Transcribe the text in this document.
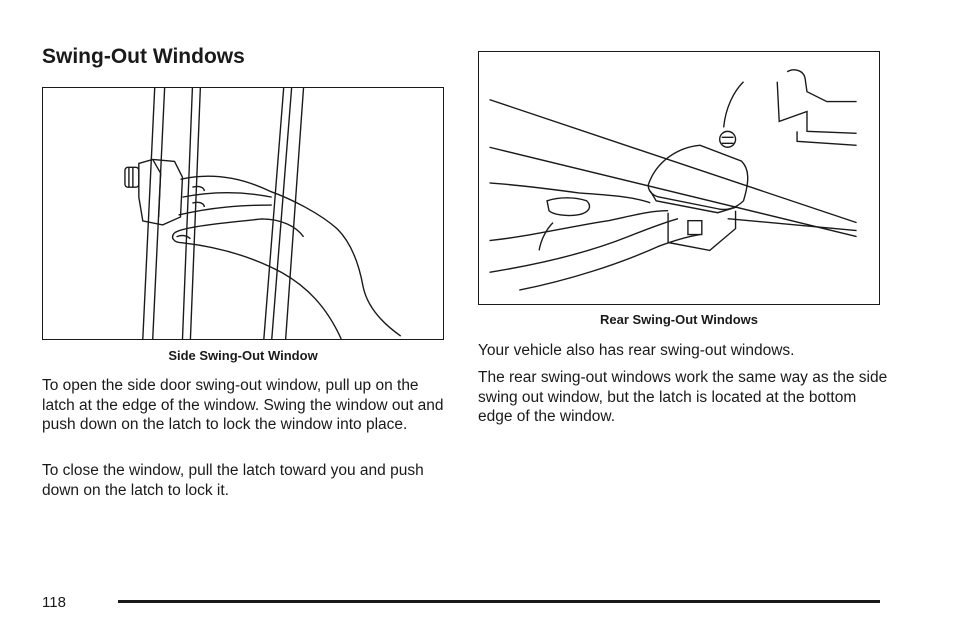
Swing-Out Windows
Side Swing-Out Window
Rear Swing-Out Windows

To open the side door swing-out window, pull up on the latch at the edge of the window. Swing the window out and push down on the latch to lock the window into place.

To close the window, pull the latch toward you and push down on the latch to lock it.

Your vehicle also has rear swing-out windows.

The rear swing-out windows work the same way as the side swing out window, but the latch is located at the bottom edge of the window.

118
